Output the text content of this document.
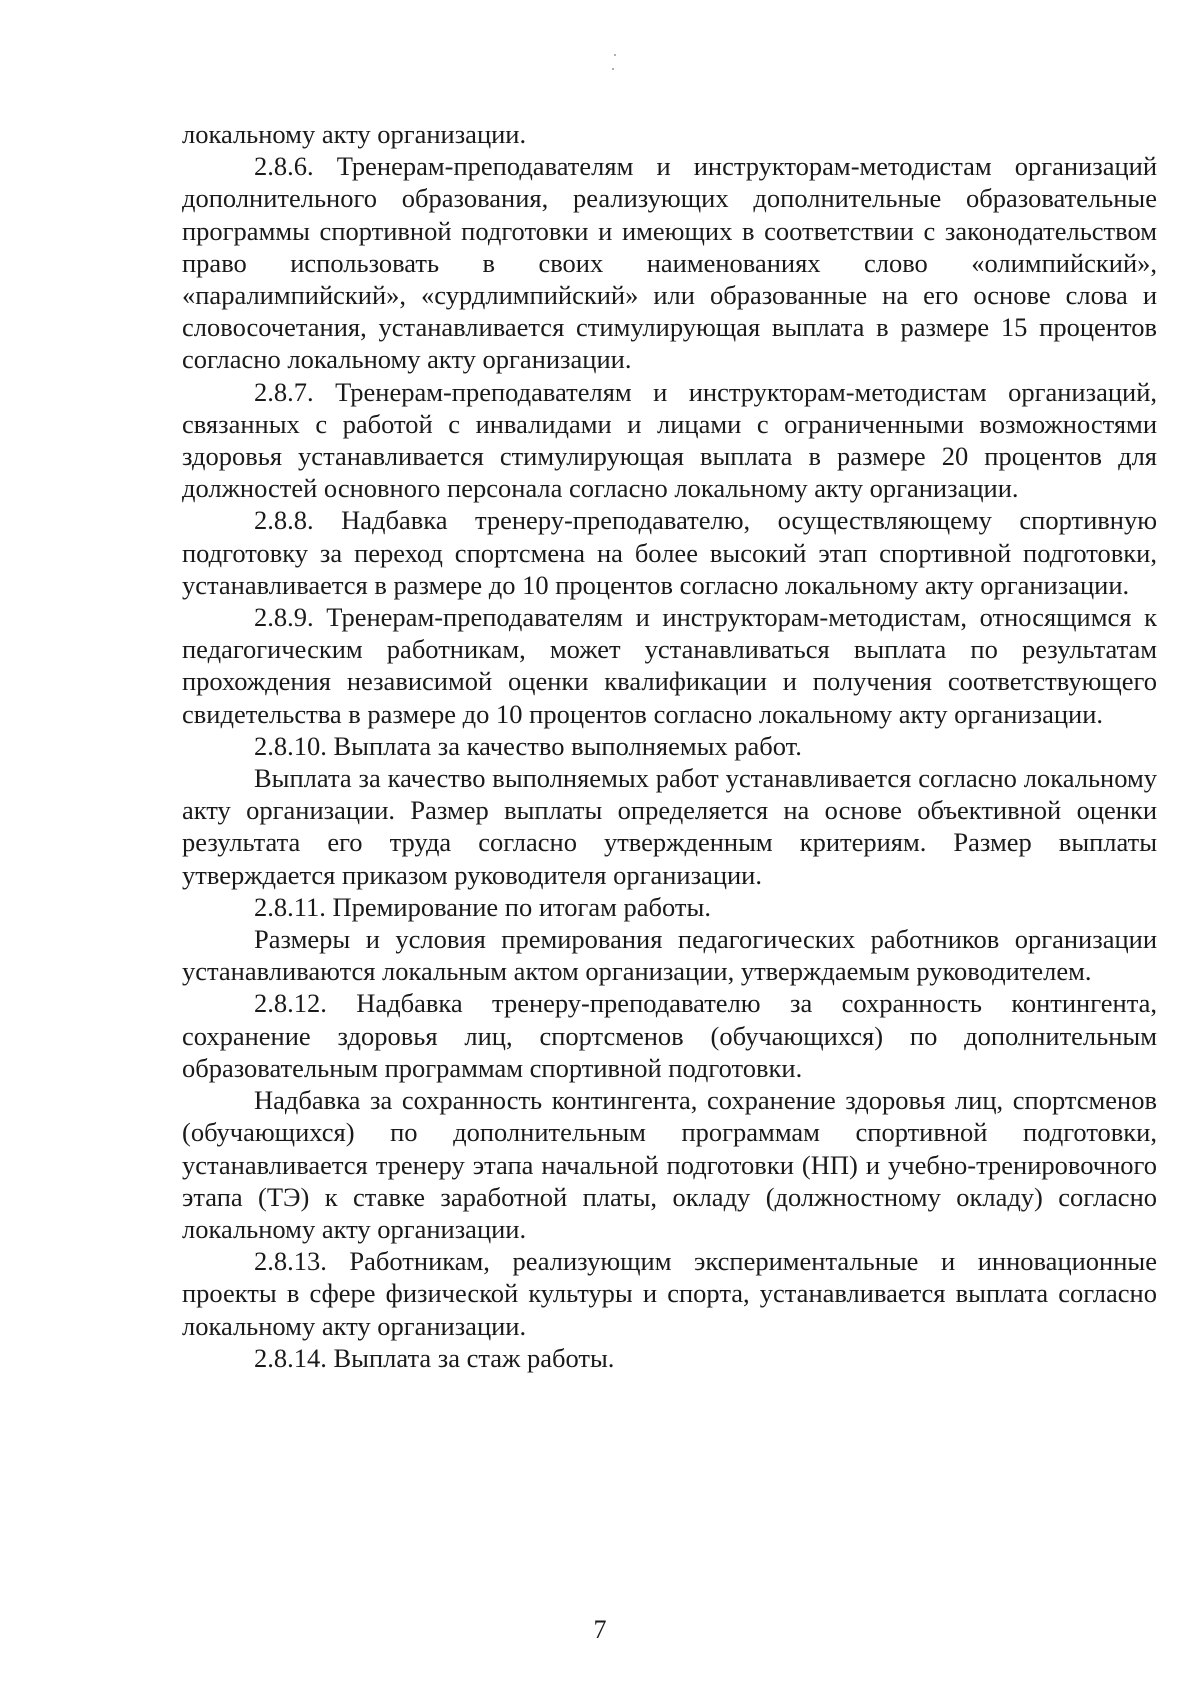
локальному акту организации.

2.8.6. Тренерам-преподавателям и инструкторам-методистам организаций дополнительного образования, реализующих дополнительные образовательные программы спортивной подготовки и имеющих в соответствии с законодательством право использовать в своих наименованиях слово «олимпийский», «паралимпийский», «сурдлимпийский» или образованные на его основе слова и словосочетания, устанавливается стимулирующая выплата в размере 15 процентов согласно локальному акту организации.

2.8.7. Тренерам-преподавателям и инструкторам-методистам организаций, связанных с работой с инвалидами и лицами с ограниченными возможностями здоровья устанавливается стимулирующая выплата в размере 20 процентов для должностей основного персонала согласно локальному акту организации.

2.8.8. Надбавка тренеру-преподавателю, осуществляющему спортивную подготовку за переход спортсмена на более высокий этап спортивной подготовки, устанавливается в размере до 10 процентов согласно локальному акту организации.

2.8.9. Тренерам-преподавателям и инструкторам-методистам, относящимся к педагогическим работникам, может устанавливаться выплата по результатам прохождения независимой оценки квалификации и получения соответствующего свидетельства в размере до 10 процентов согласно локальному акту организации.

2.8.10. Выплата за качество выполняемых работ.

Выплата за качество выполняемых работ устанавливается согласно локальному акту организации. Размер выплаты определяется на основе объективной оценки результата его труда согласно утвержденным критериям. Размер выплаты утверждается приказом руководителя организации.

2.8.11. Премирование по итогам работы.

Размеры и условия премирования педагогических работников организации устанавливаются локальным актом организации, утверждаемым руководителем.

2.8.12. Надбавка тренеру-преподавателю за сохранность контингента, сохранение здоровья лиц, спортсменов (обучающихся) по дополнительным образовательным программам спортивной подготовки.

Надбавка за сохранность контингента, сохранение здоровья лиц, спортсменов (обучающихся) по дополнительным программам спортивной подготовки, устанавливается тренеру этапа начальной подготовки (НП) и учебно-тренировочного этапа (ТЭ) к ставке заработной платы, окладу (должностному окладу) согласно локальному акту организации.

2.8.13. Работникам, реализующим экспериментальные и инновационные проекты в сфере физической культуры и спорта, устанавливается выплата согласно локальному акту организации.

2.8.14. Выплата за стаж работы.

7
